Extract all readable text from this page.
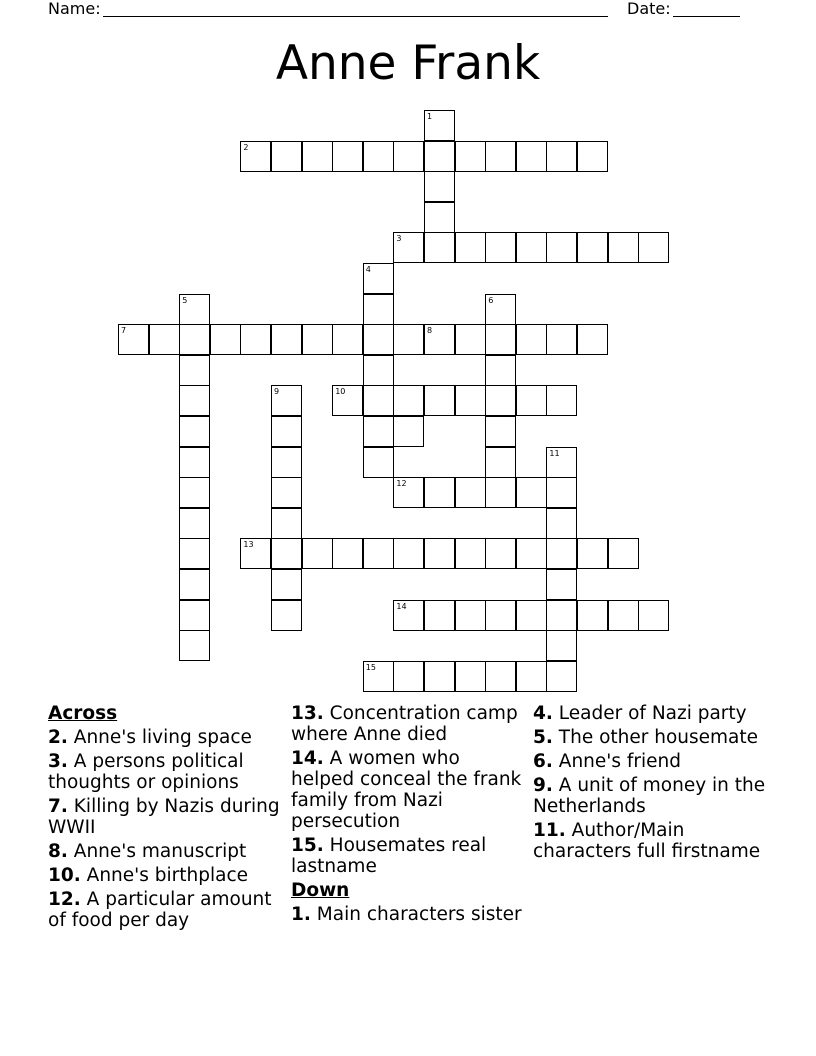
Name:	Date:
Anne Frank
1
2
3
4
5	6
7	8
9	10
11
12
13
14
15
Across
2. Anne's living space
3. A persons political thoughts or opinions
7. Killing by Nazis during WWII
8. Anne's manuscript
10. Anne's birthplace
12. A particular amount of food per day
13. Concentration camp where Anne died
14. A women who helped conceal the frank family from Nazi persecution
15. Housemates real lastname
Down
1. Main characters sister
4. Leader of Nazi party
5. The other housemate
6. Anne's friend
9. A unit of money in the Netherlands
11. Author/Main characters full firstname
